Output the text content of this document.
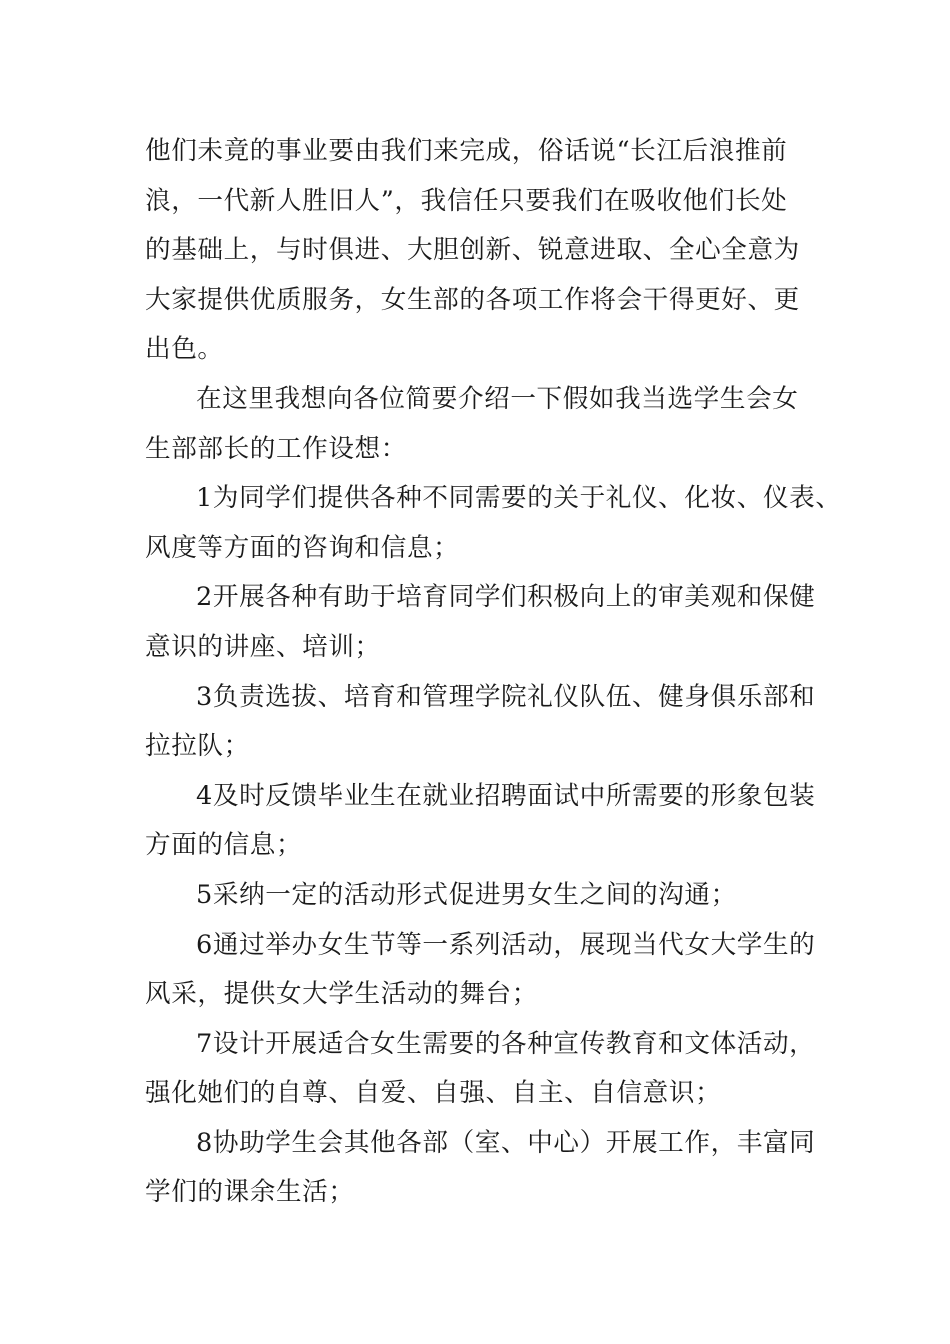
他们未竟的事业要由我们来完成，俗话说“长江后浪推前
浪，一代新人胜旧人”，我信任只要我们在吸收他们长处
的基础上，与时俱进、大胆创新、锐意进取、全心全意为
大家提供优质服务，女生部的各项工作将会干得更好、更
出色。
在这里我想向各位简要介绍一下假如我当选学生会女
生部部长的工作设想：
1为同学们提供各种不同需要的关于礼仪、化妆、仪表、
风度等方面的咨询和信息；
2开展各种有助于培育同学们积极向上的审美观和保健
意识的讲座、培训；
3负责选拔、培育和管理学院礼仪队伍、健身俱乐部和
拉拉队；
4及时反馈毕业生在就业招聘面试中所需要的形象包装
方面的信息；
5采纳一定的活动形式促进男女生之间的沟通；
6通过举办女生节等一系列活动，展现当代女大学生的
风采，提供女大学生活动的舞台；
7设计开展适合女生需要的各种宣传教育和文体活动，
强化她们的自尊、自爱、自强、自主、自信意识；
8协助学生会其他各部（室、中心）开展工作，丰富同
学们的课余生活；
